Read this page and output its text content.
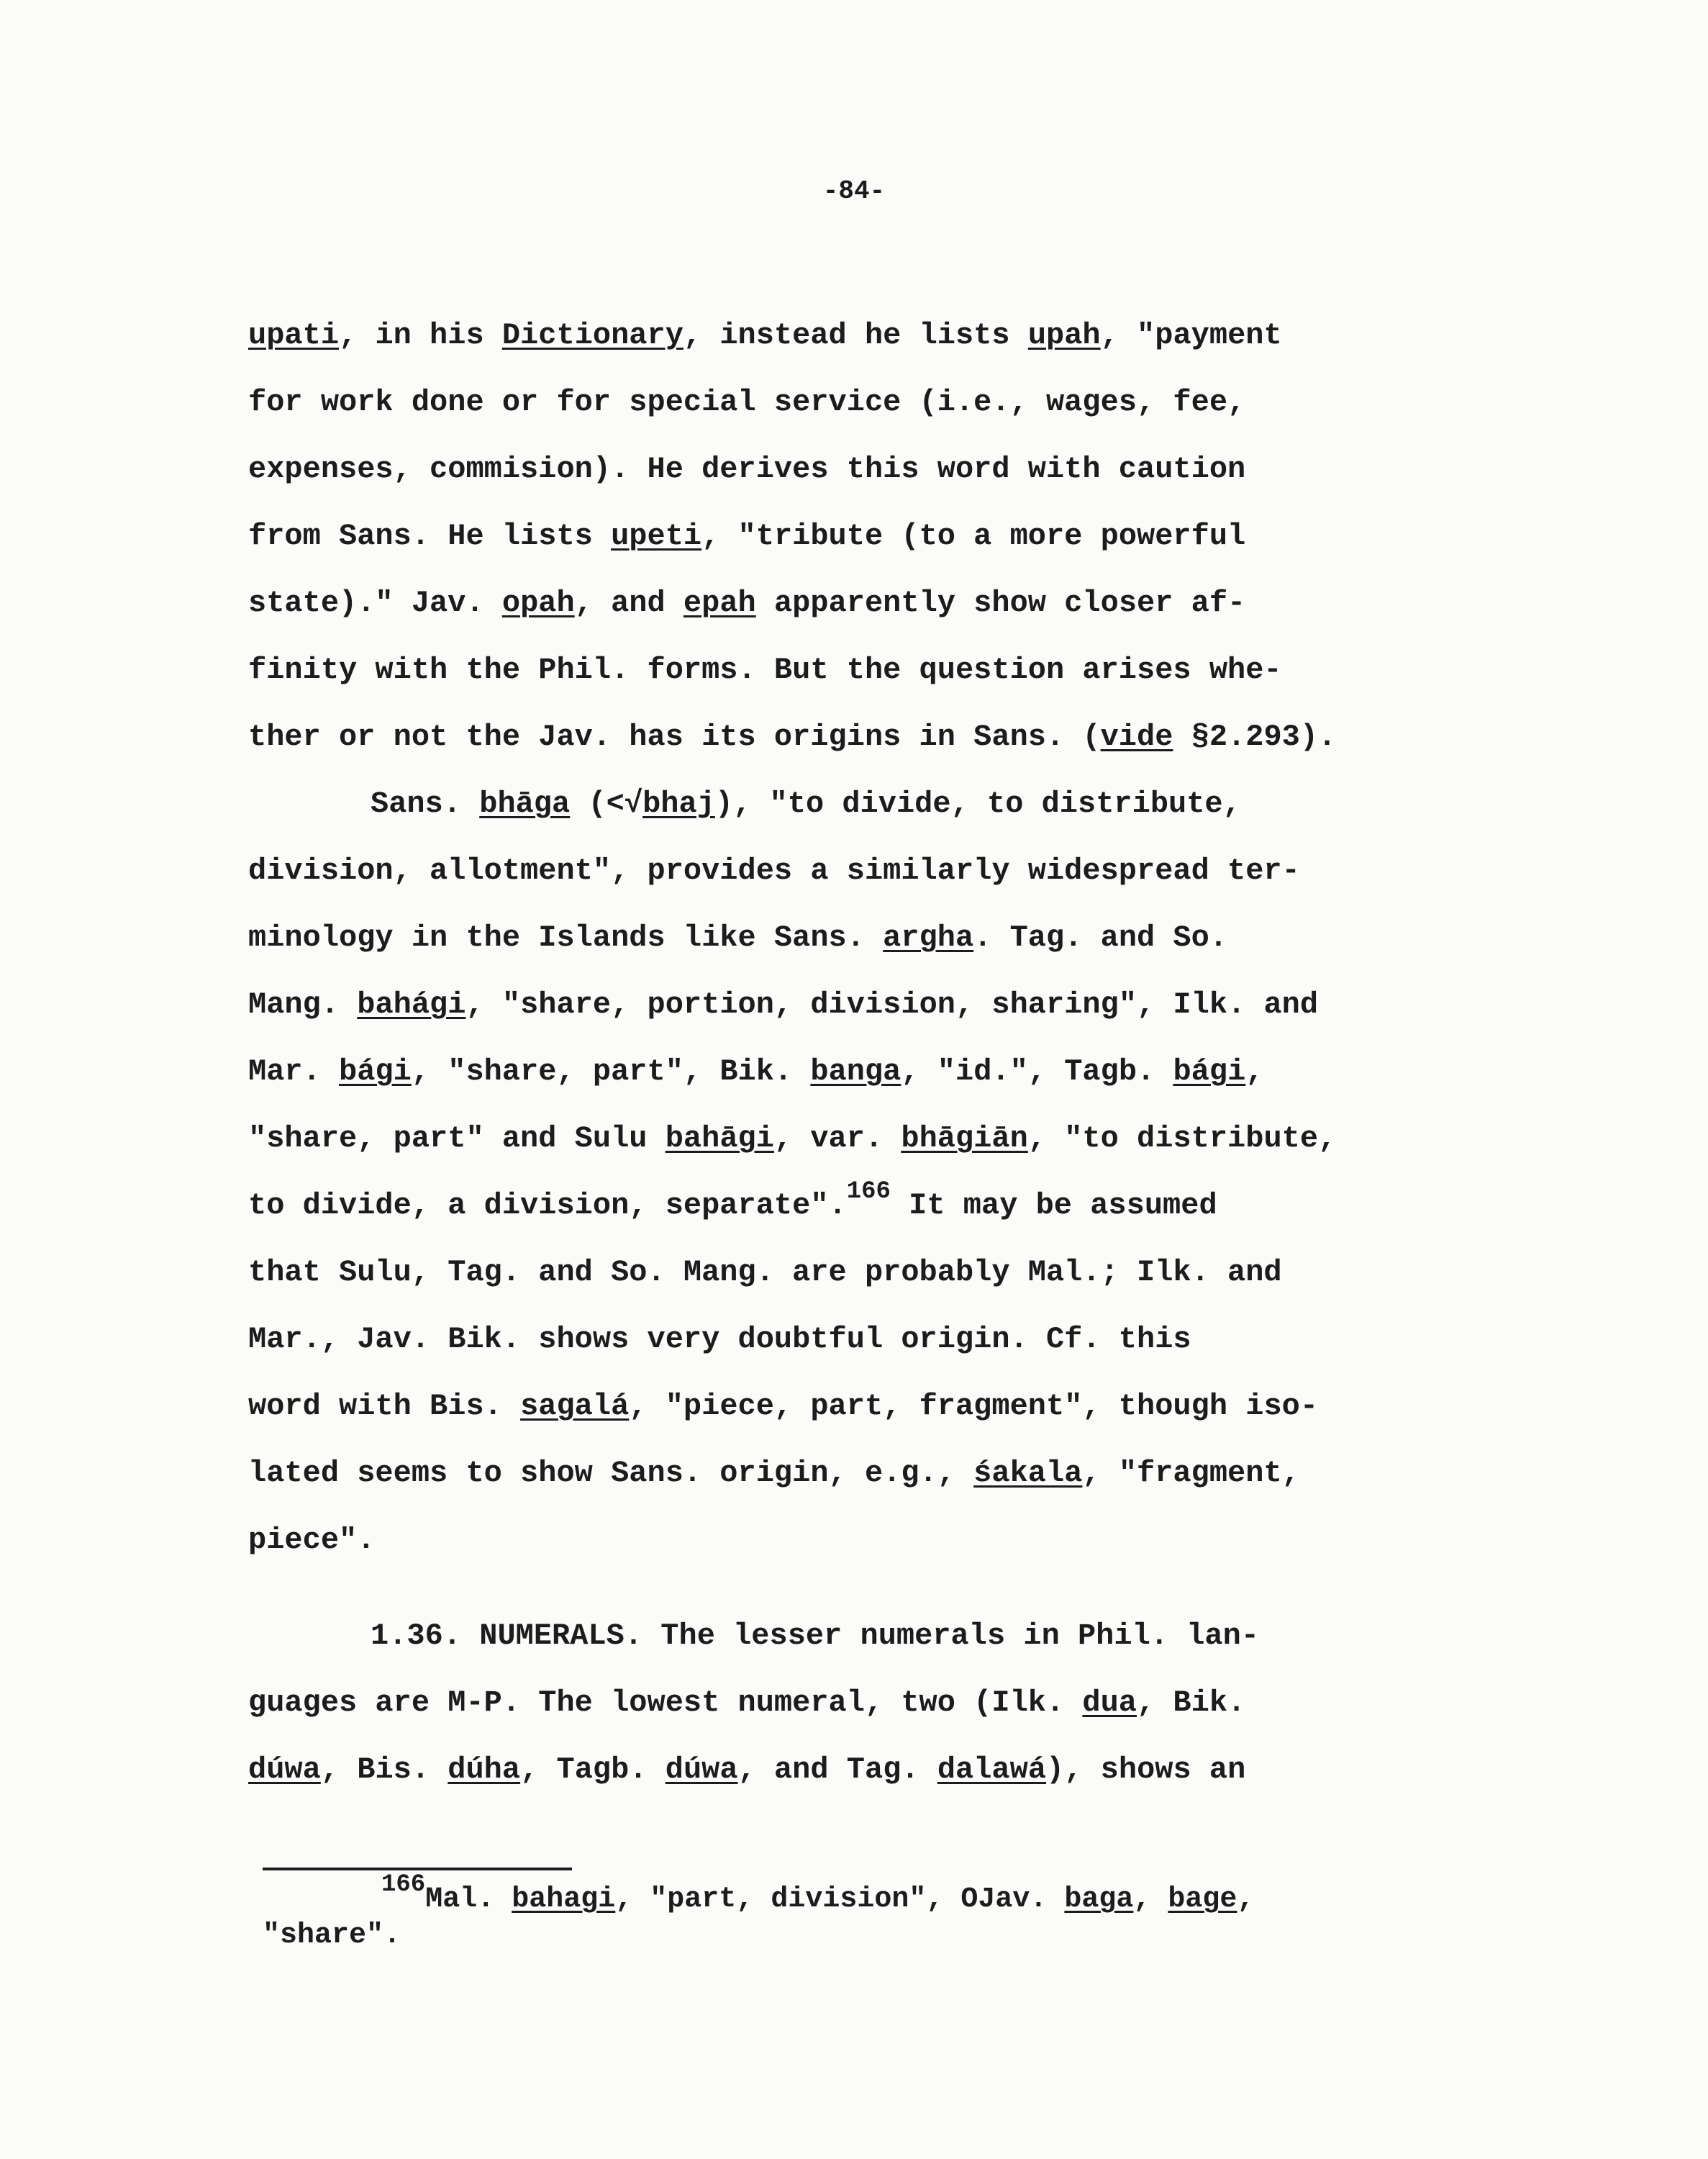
-84-
upati, in his Dictionary, instead he lists upah, "payment
for work done or for special service (i.e., wages, fee,
expenses, commision). He derives this word with caution
from Sans. He lists upeti, "tribute (to a more powerful
state)." Jav. opah, and epah apparently show closer af-
finity with the Phil. forms. But the question arises whe-
ther or not the Jav. has its origins in Sans. (vide §2.293).
Sans. bhāga (<√bhaj), "to divide, to distribute,
division, allotment", provides a similarly widespread ter-
minology in the Islands like Sans. argha. Tag. and So.
Mang. bahági, "share, portion, division, sharing", Ilk. and
Mar. bági, "share, part", Bik. banga, "id.", Tagb. bági,
"share, part" and Sulu bahāgi, var. bhāgiān, "to distribute,
to divide, a division, separate".$^{166}$ It may be assumed
that Sulu, Tag. and So. Mang. are probably Mal.; Ilk. and
Mar., Jav. Bik. shows very doubtful origin. Cf. this
word with Bis. sagalá, "piece, part, fragment", though iso-
lated seems to show Sans. origin, e.g., śakala, "fragment,
piece".
1.36. NUMERALS. The lesser numerals in Phil. lan-
guages are M-P. The lowest numeral, two (Ilk. dua, Bik.
dúwa, Bis. dúha, Tagb. dúwa, and Tag. dalawá), shows an
$^{166}$Mal. bahagi, "part, division", OJav. baga, bage,
"share".
